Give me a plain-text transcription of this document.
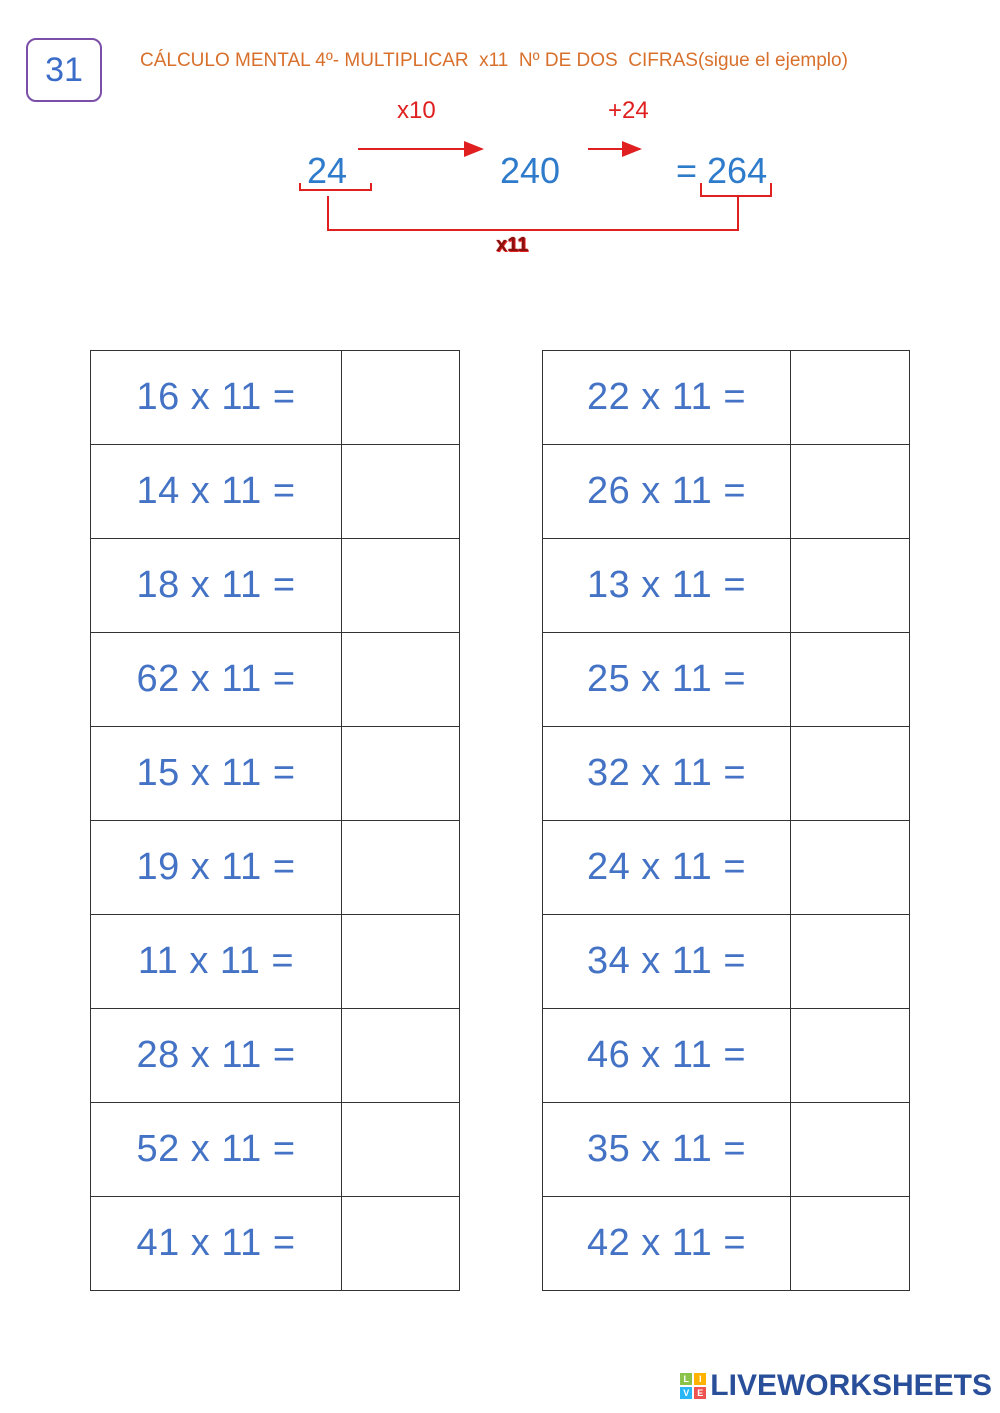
31	CÁLCULO MENTAL 4º- MULTIPLICAR  x11  Nº DE DOS  CIFRAS(sigue el ejemplo)
24
x10
240
+24
= 264
x11
16 x 11 =	

14 x 11 =	

18 x 11 =	

62 x 11 =	

15 x 11 =	

19 x 11 =	

11 x 11 =	

28 x 11 =	

52 x 11 =	

41 x 11 =	
22 x 11 =	

26 x 11 =	

13 x 11 =	

25 x 11 =	

32 x 11 =	

24 x 11 =	

34 x 11 =	

46 x 11 =	

35 x 11 =	

42 x 11 =	
L	I
V E LIVEWORKSHEETS
